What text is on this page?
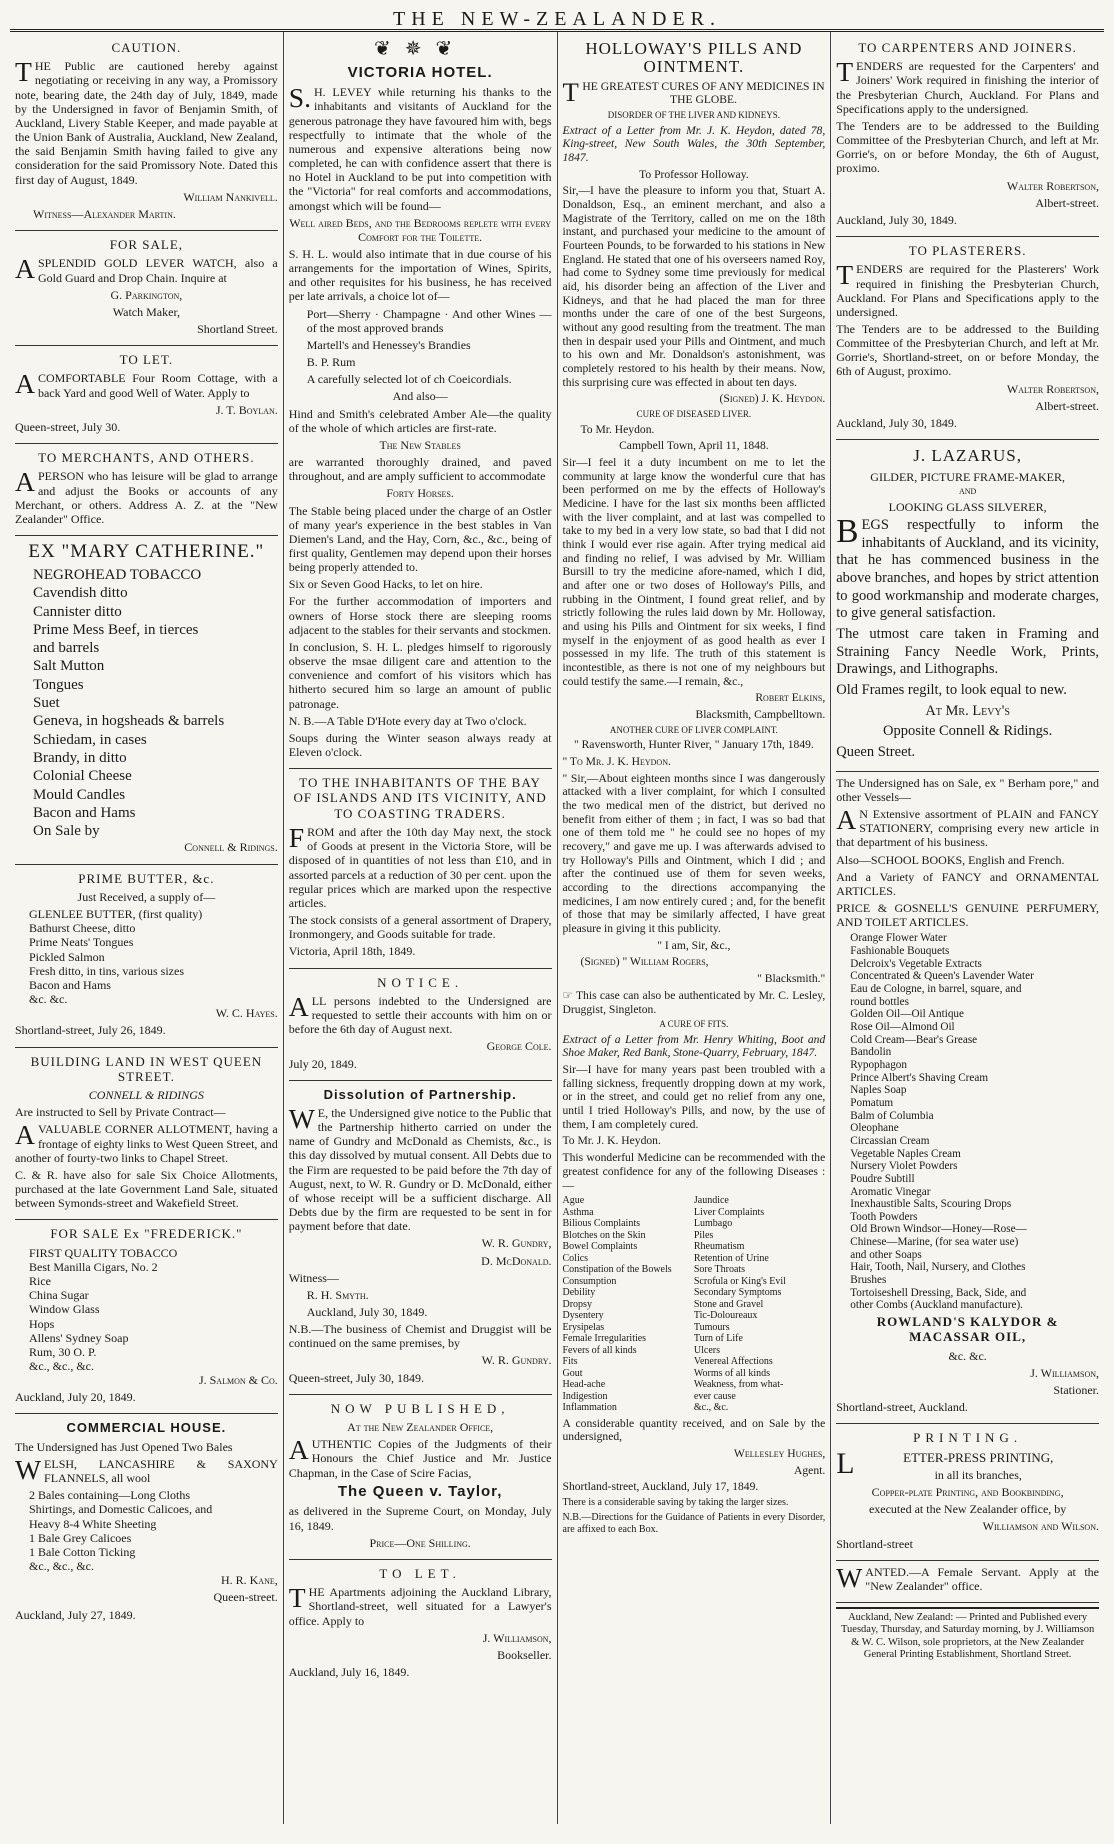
THE NEW-ZEALANDER.
CAUTION.

THE Public are cautioned hereby against negotiating or receiving in any way, a Promissory note, bearing date, the 24th day of July, 1849, made by the Undersigned in favor of Benjamin Smith, of Auckland, Livery Stable Keeper, and made payable at the Union Bank of Australia, Auckland, New Zealand, the said Benjamin Smith having failed to give any consideration for the said Promissory Note. Dated this first day of August, 1849.

William Nankivell.

Witness—Alexander Martin.

FOR SALE,

ASPLENDID GOLD LEVER WATCH, also a Gold Guard and Drop Chain. Inquire at

G. Parkington,

Watch Maker,

Shortland Street.

TO LET.

ACOMFORTABLE Four Room Cottage, with a back Yard and good Well of Water. Apply to

J. T. Boylan.

Queen-street, July 30.

TO MERCHANTS, AND OTHERS.

APERSON who has leisure will be glad to arrange and adjust the Books or accounts of any Merchant, or others. Address A. Z. at the "New Zealander" Office.

EX "MARY CATHERINE."
NEGROHEAD TOBACCO
Cavendish ditto
Cannister ditto
Prime Mess Beef, in tierces
and barrels
Salt Mutton
Tongues
Suet
Geneva, in hogsheads & barrels
Schiedam, in cases
Brandy, in ditto
Colonial Cheese
Mould Candles
Bacon and Hams
On Sale by

Connell & Ridings.

PRIME BUTTER, &c.

Just Received, a supply of—

GLENLEE BUTTER, (first quality)
Bathurst Cheese, ditto
Prime Neats' Tongues
Pickled Salmon
Fresh ditto, in tins, various sizes
Bacon and Hams
&c. &c.

W. C. Hayes.

Shortland-street, July 26, 1849.

BUILDING LAND IN WEST QUEEN STREET.

CONNELL & RIDINGS

Are instructed to Sell by Private Contract—

AVALUABLE CORNER ALLOTMENT, having a frontage of eighty links to West Queen Street, and another of fourty-two links to Chapel Street.

C. & R. have also for sale Six Choice Allotments, purchased at the late Government Land Sale, situated between Symonds-street and Wakefield Street.

FOR SALE Ex "FREDERICK."
FIRST QUALITY TOBACCO
Best Manilla Cigars, No. 2
Rice
China Sugar
Window Glass
Hops
Allens' Sydney Soap
Rum, 30 O. P.
&c., &c., &c.

J. Salmon & Co.

Auckland, July 20, 1849.

COMMERCIAL HOUSE.

The Undersigned has Just Opened Two Bales

WELSH, LANCASHIRE & SAXONY FLANNELS, all wool

2 Bales containing—Long Cloths
Shirtings, and Domestic Calicoes, and
Heavy 8-4 White Sheeting
1 Bale Grey Calicoes
1 Bale Cotton Ticking
&c., &c., &c.

H. R. Kane,

Queen-street.

Auckland, July 27, 1849.

❦✵❦
VICTORIA HOTEL.

S.H. LEVEY while returning his thanks to the inhabitants and visitants of Auckland for the generous patronage they have favoured him with, begs respectfully to intimate that the whole of the numerous and expensive alterations being now completed, he can with confidence assert that there is no Hotel in Auckland to be put into competition with the "Victoria" for real comforts and accommodations, amongst which will be found—

Well aired Beds, and the Bedrooms replete with every Comfort for the Toilette.

S. H. L. would also intimate that in due course of his arrangements for the importation of Wines, Spirits, and other requisites for his business, he has received per late arrivals, a choice lot of—

Port—Sherry · Champagne · And other Wines — of the most approved brands

Martell's and Henessey's Brandies

B. P. Rum

A carefully selected lot of ch Coeicordials.

And also—

Hind and Smith's celebrated Amber Ale—the quality of the whole of which articles are first-rate.

The New Stables

are warranted thoroughly drained, and paved throughout, and are amply sufficient to accommodate

Forty Horses.

The Stable being placed under the charge of an Ostler of many year's experience in the best stables in Van Diemen's Land, and the Hay, Corn, &c., &c., being of first quality, Gentlemen may depend upon their horses being properly attended to.

Six or Seven Good Hacks, to let on hire.

For the further accommodation of importers and owners of Horse stock there are sleeping rooms adjacent to the stables for their servants and stockmen.

In conclusion, S. H. L. pledges himself to rigorously observe the msae diligent care and attention to the convenience and comfort of his visitors which has hitherto secured him so large an amount of public patronage.

N. B.—A Table D'Hote every day at Two o'clock.

Soups during the Winter season always ready at Eleven o'clock.

TO THE INHABITANTS OF THE BAY OF ISLANDS AND ITS VICINITY, AND TO COASTING TRADERS.

FROM and after the 10th day May next, the stock of Goods at present in the Victoria Store, will be disposed of in quantities of not less than £10, and in assorted parcels at a reduction of 30 per cent. upon the regular prices which are marked upon the respective articles.

The stock consists of a general assortment of Drapery, Ironmongery, and Goods suitable for trade.

Victoria, April 18th, 1849.

NOTICE.

ALL persons indebted to the Undersigned are requested to settle their accounts with him on or before the 6th day of August next.

George Cole.

July 20, 1849.

Dissolution of Partnership.

WE, the Undersigned give notice to the Public that the Partnership hitherto carried on under the name of Gundry and McDonald as Chemists, &c., is this day dissolved by mutual consent. All Debts due to the Firm are requested to be paid before the 7th day of August, next, to W. R. Gundry or D. McDonald, either of whose receipt will be a sufficient discharge. All Debts due by the firm are requested to be sent in for payment before that date.

W. R. Gundry,

D. McDonald.

Witness—

R. H. Smyth.

Auckland, July 30, 1849.

N.B.—The business of Chemist and Druggist will be continued on the same premises, by

W. R. Gundry.

Queen-street, July 30, 1849.

NOW PUBLISHED,

At the New Zealander Office,

AUTHENTIC Copies of the Judgments of their Honours the Chief Justice and Mr. Justice Chapman, in the Case of Scire Facias,

The Queen v. Taylor,

as delivered in the Supreme Court, on Monday, July 16, 1849.

Price—One Shilling.

TO LET.

THE Apartments adjoining the Auckland Library, Shortland-street, well situated for a Lawyer's office. Apply to

J. Williamson,

Bookseller.

Auckland, July 16, 1849.

HOLLOWAY'S PILLS AND OINTMENT.

THE GREATEST CURES OF ANY MEDICINES IN THE GLOBE.

DISORDER OF THE LIVER AND KIDNEYS.

Extract of a Letter from Mr. J. K. Heydon, dated 78, King-street, New South Wales, the 30th September, 1847.

To Professor Holloway.

Sir,—I have the pleasure to inform you that, Stuart A. Donaldson, Esq., an eminent merchant, and also a Magistrate of the Territory, called on me on the 18th instant, and purchased your medicine to the amount of Fourteen Pounds, to be forwarded to his stations in New England. He stated that one of his overseers named Roy, had come to Sydney some time previously for medical aid, his disorder being an affection of the Liver and Kidneys, and that he had placed the man for three months under the care of one of the best Surgeons, without any good resulting from the treatment. The man then in despair used your Pills and Ointment, and much to his own and Mr. Donaldson's astonishment, was completely restored to his health by their means. Now, this surprising cure was effected in about ten days.

(Signed) J. K. Heydon.

CURE OF DISEASED LIVER.

To Mr. Heydon.

Campbell Town, April 11, 1848.

Sir—I feel it a duty incumbent on me to let the community at large know the wonderful cure that has been performed on me by the effects of Holloway's Medicine. I have for the last six months been afflicted with the liver complaint, and at last was compelled to take to my bed in a very low state, so bad that I did not think I would ever rise again. After trying medical aid and finding no relief, I was advised by Mr. William Bursill to try the medicine afore-named, which I did, and after one or two doses of Holloway's Pills, and rubbing in the Ointment, I found great relief, and by strictly following the rules laid down by Mr. Holloway, and using his Pills and Ointment for six weeks, I find myself in the enjoyment of as good health as ever I possessed in my life. The truth of this statement is incontestible, as there is not one of my neighbours but could testify the same.—I remain, &c.,

Robert Elkins,

Blacksmith, Campbelltown.

ANOTHER CURE OF LIVER COMPLAINT.

" Ravensworth, Hunter River, " January 17th, 1849.

" To Mr. J. K. Heydon.

" Sir,—About eighteen months since I was dangerously attacked with a liver complaint, for which I consulted the two medical men of the district, but derived no benefit from either of them ; in fact, I was so bad that one of them told me " he could see no hopes of my recovery," and gave me up. I was afterwards advised to try Holloway's Pills and Ointment, which I did ; and after the continued use of them for seven weeks, according to the directions accompanying the medicines, I am now entirely cured ; and, for the benefit of those that may be similarly affected, I have great pleasure in giving it this publicity.

" I am, Sir, &c.,

(Signed) " William Rogers,

" Blacksmith."

☞ This case can also be authenticated by Mr. C. Lesley, Druggist, Singleton.

A CURE OF FITS.

Extract of a Letter from Mr. Henry Whiting, Boot and Shoe Maker, Red Bank, Stone-Quarry, February, 1847.

Sir—I have for many years past been troubled with a falling sickness, frequently dropping down at my work, or in the street, and could get no relief from any one, until I tried Holloway's Pills, and now, by the use of them, I am completely cured.

To Mr. J. K. Heydon.

This wonderful Medicine can be recommended with the greatest confidence for any of the following Diseases :—

Ague	Jaundice
Asthma	Liver Complaints
Bilious Complaints	Lumbago
Blotches on the Skin	Piles
Bowel Complaints	Rheumatism
Colics	Retention of Urine
Constipation of the Bowels	Sore Throats
Consumption	Scrofula or King's Evil
Debility	Secondary Symptoms
Dropsy	Stone and Gravel
Dysentery	Tic-Doloureaux
Erysipelas	Tumours
Female Irregularities	Turn of Life
Fevers of all kinds	Ulcers
Fits	Venereal Affections
Gout	Worms of all kinds
Head-ache	Weakness, from what-
Indigestion	ever cause
Inflammation	&c., &c.

A considerable quantity received, and on Sale by the undersigned,

Wellesley Hughes,

Agent.

Shortland-street, Auckland, July 17, 1849.

There is a considerable saving by taking the larger sizes.

N.B.—Directions for the Guidance of Patients in every Disorder, are affixed to each Box.

TO CARPENTERS AND JOINERS.

TENDERS are requested for the Carpenters' and Joiners' Work required in finishing the interior of the Presbyterian Church, Auckland. For Plans and Specifications apply to the undersigned.

The Tenders are to be addressed to the Building Committee of the Presbyterian Church, and left at Mr. Gorrie's, on or before Monday, the 6th of August, proximo.

Walter Robertson,

Albert-street.

Auckland, July 30, 1849.

TO PLASTERERS.

TENDERS are required for the Plasterers' Work required in finishing the Presbyterian Church, Auckland. For Plans and Specifications apply to the undersigned.

The Tenders are to be addressed to the Building Committee of the Presbyterian Church, and left at Mr. Gorrie's, Shortland-street, on or before Monday, the 6th of August, proximo.

Walter Robertson,

Albert-street.

Auckland, July 30, 1849.

J. LAZARUS,

GILDER, PICTURE FRAME-MAKER,

AND

LOOKING GLASS SILVERER,

BEGS respectfully to inform the inhabitants of Auckland, and its vicinity, that he has commenced business in the above branches, and hopes by strict attention to good workmanship and moderate charges, to give general satisfaction.

The utmost care taken in Framing and Straining Fancy Needle Work, Prints, Drawings, and Lithographs.

Old Frames regilt, to look equal to new.

At Mr. Levy's

Opposite Connell & Ridings.

Queen Street.

The Undersigned has on Sale, ex " Berham pore," and other Vessels—

AN Extensive assortment of PLAIN and FANCY STATIONERY, comprising every new article in that department of his business.

Also—SCHOOL BOOKS, English and French.

And a Variety of FANCY and ORNAMENTAL ARTICLES.

PRICE & GOSNELL'S GENUINE PERFUMERY, AND TOILET ARTICLES.

Orange Flower Water
Fashionable Bouquets
Delcroix's Vegetable Extracts
Concentrated & Queen's Lavender Water
Eau de Cologne, in barrel, square, and
round bottles
Golden Oil—Oil Antique
Rose Oil—Almond Oil
Cold Cream—Bear's Grease
Bandolin
Rypophagon
Prince Albert's Shaving Cream
Naples Soap
Pomatum
Balm of Columbia
Oleophane
Circassian Cream
Vegetable Naples Cream
Nursery Violet Powders
Poudre Subtill
Aromatic Vinegar
Inexhaustible Salts, Scouring Drops
Tooth Powders
Old Brown Windsor—Honey—Rose—
Chinese—Marine, (for sea water use)
and other Soaps
Hair, Tooth, Nail, Nursery, and Clothes
Brushes
Tortoiseshell Dressing, Back, Side, and
other Combs (Auckland manufacture).
ROWLAND'S KALYDOR & MACASSAR OIL,

&c. &c.

J. Williamson,

Stationer.

Shortland-street, Auckland.

PRINTING.

LETTER-PRESS PRINTING,

in all its branches,

Copper-plate Printing, and Bookbinding,

executed at the New Zealander office, by

Williamson and Wilson.

Shortland-street

WANTED.—A Female Servant. Apply at the "New Zealander" office.

Auckland, New Zealand: — Printed and Published every Tuesday, Thursday, and Saturday morning, by J. Williamson & W. C. Wilson, sole proprietors, at the New Zealander General Printing Establishment, Shortland Street.
